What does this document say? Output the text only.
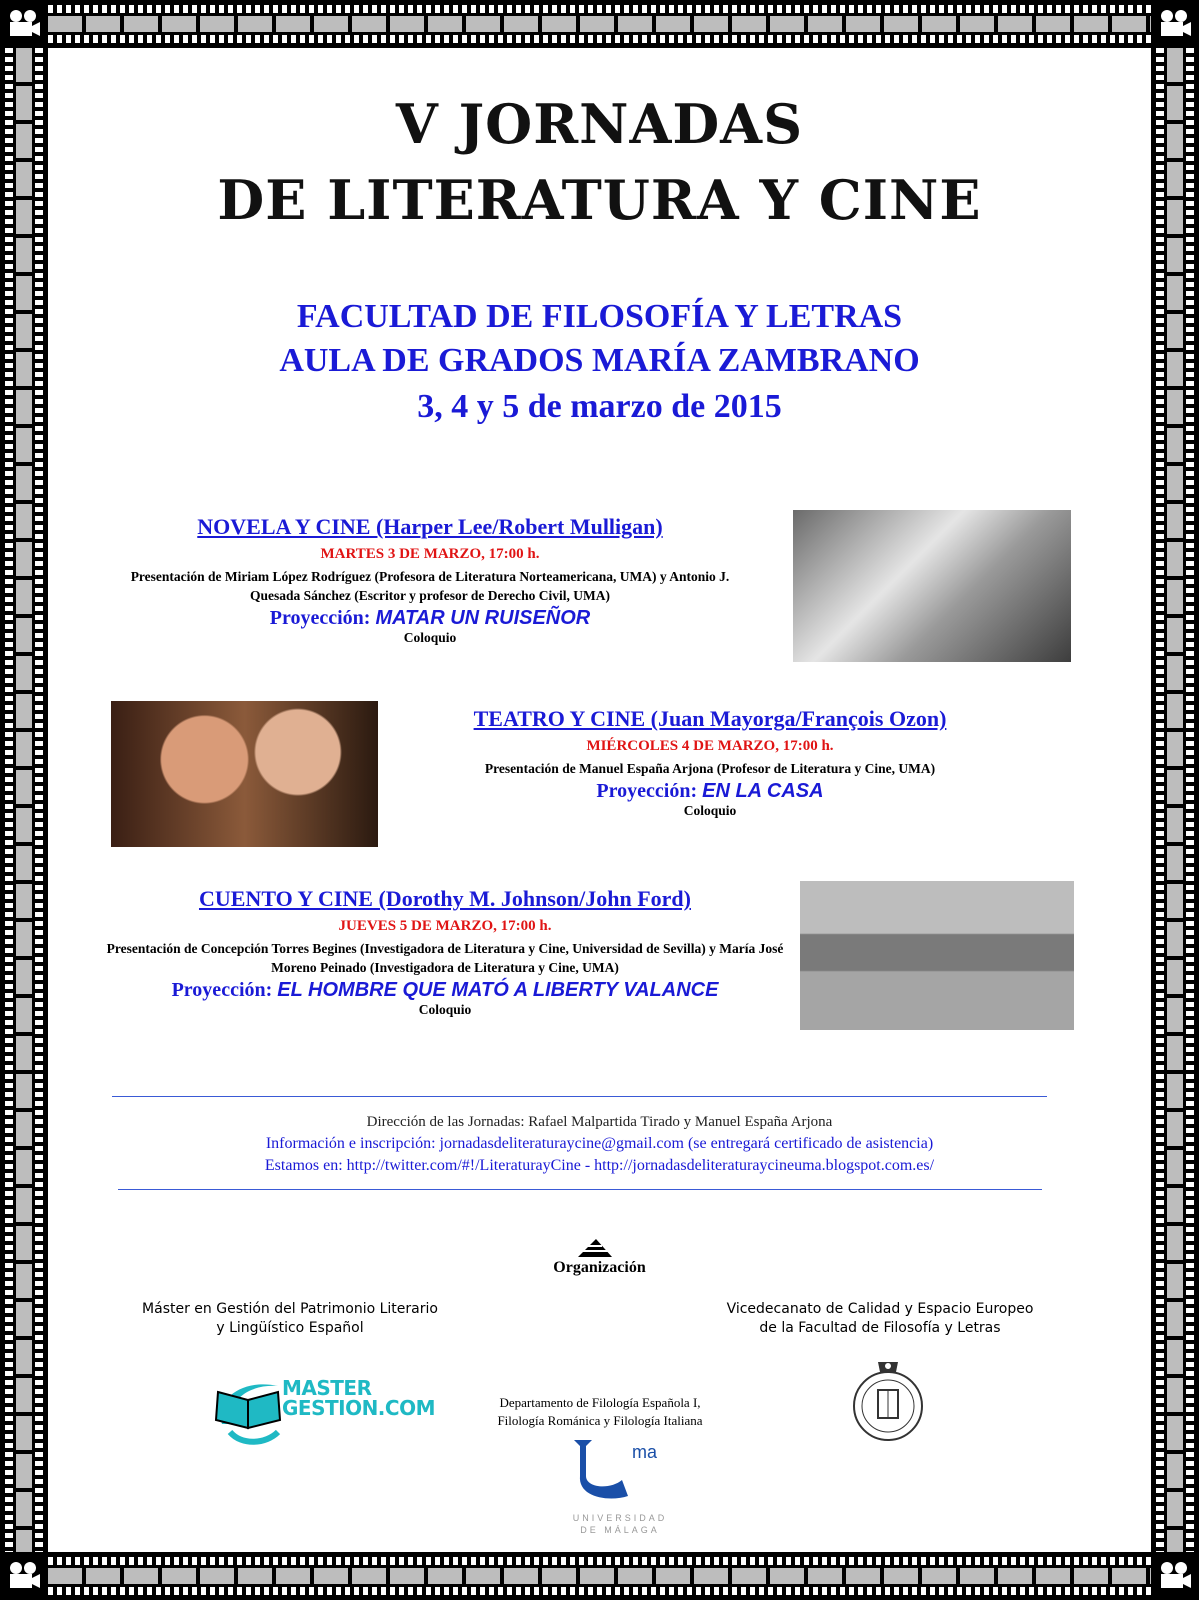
V JORNADAS
DE LITERATURA Y CINE
FACULTAD DE FILOSOFÍA Y LETRAS
AULA DE GRADOS MARÍA ZAMBRANO
3, 4 y 5 de marzo de 2015
NOVELA Y CINE (Harper Lee/Robert Mulligan)
MARTES 3 DE MARZO, 17:00 h.
Presentación de Miriam López Rodríguez (Profesora de Literatura Norteamericana, UMA) y Antonio J. Quesada Sánchez (Escritor y profesor de Derecho Civil, UMA)
Proyección: MATAR UN RUISEÑOR
Coloquio
TEATRO Y CINE (Juan Mayorga/François Ozon)
MIÉRCOLES 4 DE MARZO, 17:00 h.
Presentación de Manuel España Arjona (Profesor de Literatura y Cine, UMA)
Proyección: EN LA CASA
Coloquio
CUENTO Y CINE (Dorothy M. Johnson/John Ford)
JUEVES 5 DE MARZO, 17:00 h.
Presentación de Concepción Torres Begines (Investigadora de Literatura y Cine, Universidad de Sevilla) y María José Moreno Peinado (Investigadora de Literatura y Cine, UMA)
Proyección: EL HOMBRE QUE MATÓ A LIBERTY VALANCE
Coloquio
Dirección de las Jornadas: Rafael Malpartida Tirado y Manuel España Arjona
Información e inscripción: jornadasdeliteraturaycine@gmail.com (se entregará certificado de asistencia)
Estamos en: http://twitter.com/#!/LiteraturayCine - http://jornadasdeliteraturaycineuma.blogspot.com.es/
Organización
Máster en Gestión del Patrimonio Literario
y Lingüístico Español
Vicedecanato de Calidad y Espacio Europeo
de la Facultad de Filosofía y Letras
MASTER
GESTION.COM	Departamento de Filología Española I,
Filología Románica y Filología Italiana
ma
UNIVERSIDAD
DE MÁLAGA
